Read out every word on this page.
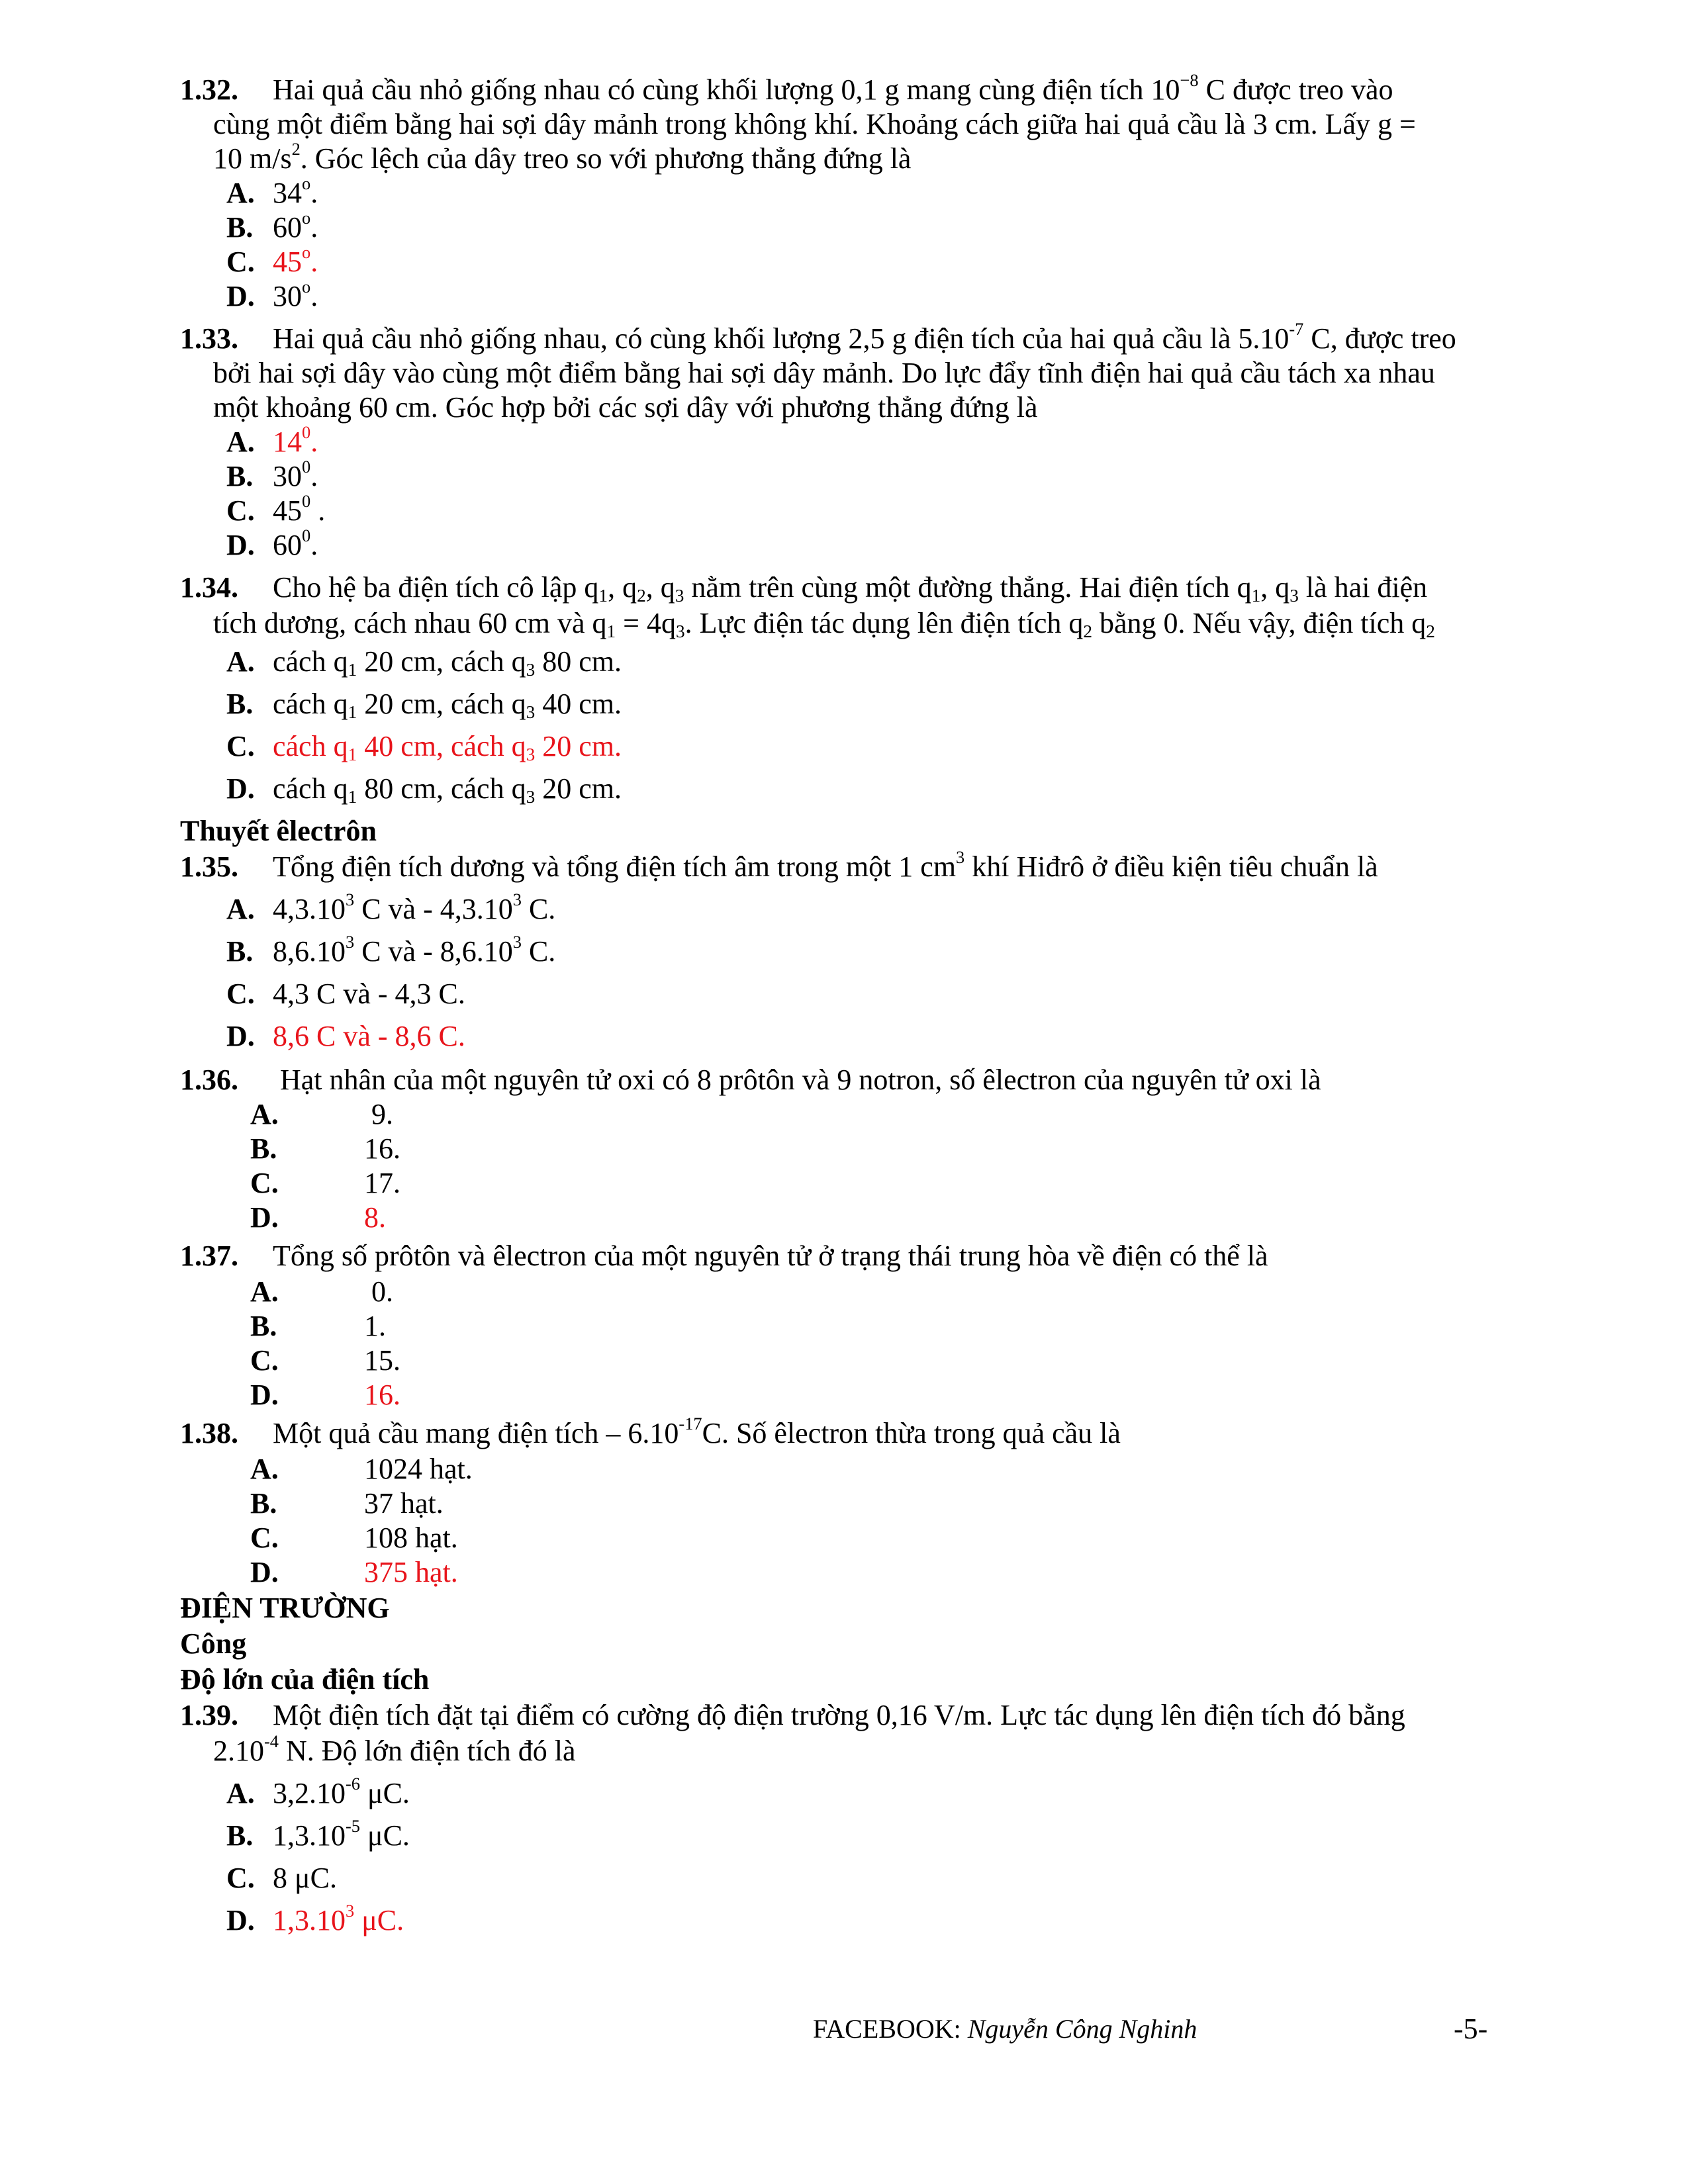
1.32. Hai quả cầu nhỏ giống nhau có cùng khối lượng 0,1 g mang cùng điện tích $10^{-8}$ C được treo vào
cùng một điểm bằng hai sợi dây mảnh trong không khí. Khoảng cách giữa hai quả cầu là 3 cm. Lấy g =
10 $m/s^2$. Góc lệch của dây treo so với phương thẳng đứng là
A. 34$^o$.
B. 60$^o$.
C. 45$^o$.
D. 30$^o$.
1.33. Hai quả cầu nhỏ giống nhau, có cùng khối lượng 2,5 g điện tích của hai quả cầu là $5.10^{-7}$ C, được treo
bởi hai sợi dây vào cùng một điểm bằng hai sợi dây mảnh. Do lực đẩy tĩnh điện hai quả cầu tách xa nhau
một khoảng 60 cm. Góc hợp bởi các sợi dây với phương thẳng đứng là
A. $14^0$.
B. $30^0$.
C. $45^0$ .
D. $60^0$.
1.34. Cho hệ ba điện tích cô lập $q_1$, $q_2$, $q_3$ nằm trên cùng một đường thẳng. Hai điện tích $q_1$, $q_3$ là hai điện
tích dương, cách nhau 60 cm và $q_1 = 4q_3$. Lực điện tác dụng lên điện tích $q_2$ bằng 0. Nếu vậy, điện tích $q_2$
A. cách $q_1$ 20 cm, cách $q_3$ 80 cm.
B. cách $q_1$ 20 cm, cách $q_3$ 40 cm.
C. cách $q_1$ 40 cm, cách $q_3$ 20 cm.
D. cách $q_1$ 80 cm, cách $q_3$ 20 cm.
Thuyết êlectrôn
1.35. Tổng điện tích dương và tổng điện tích âm trong một 1 $cm^3$ khí Hiđrô ở điều kiện tiêu chuẩn là
A. 4,3.10$^3$ C và - 4,3.10$^3$ C.
B. 8,6.10$^3$ C và - 8,6.10$^3$ C.
C. 4,3 C và - 4,3 C.
D. 8,6 C và - 8,6 C.
1.36. Hạt nhân của một nguyên tử oxi có 8 prôtôn và 9 notron, số êlectron của nguyên tử oxi là
A.	9.
B.	16.
C.	17.
D.	8.
1.37. Tổng số prôtôn và êlectron của một nguyên tử ở trạng thái trung hòa về điện có thể là
A.	0.
B.	1.
C.	15.
D.	16.
1.38. Một quả cầu mang điện tích – $6.10^{-17}C$. Số êlectron thừa trong quả cầu là
A.	1024 hạt.
B.	37 hạt.
C.	108 hạt.
D.	375 hạt.
ĐIỆN TRƯỜNG
Công
Độ lớn của điện tích
1.39. Một điện tích đặt tại điểm có cường độ điện trường 0,16 V/m. Lực tác dụng lên điện tích đó bằng
$2.10^{-4}$ N. Độ lớn điện tích đó là
A. $3,2.10^{-6}$ μC.
B. $1,3.10^{-5}$ μC.
C. 8 μC.
D. 1,3.10$^3$ μC.
FACEBOOK: Nguyễn Công Nghinh	-5-
